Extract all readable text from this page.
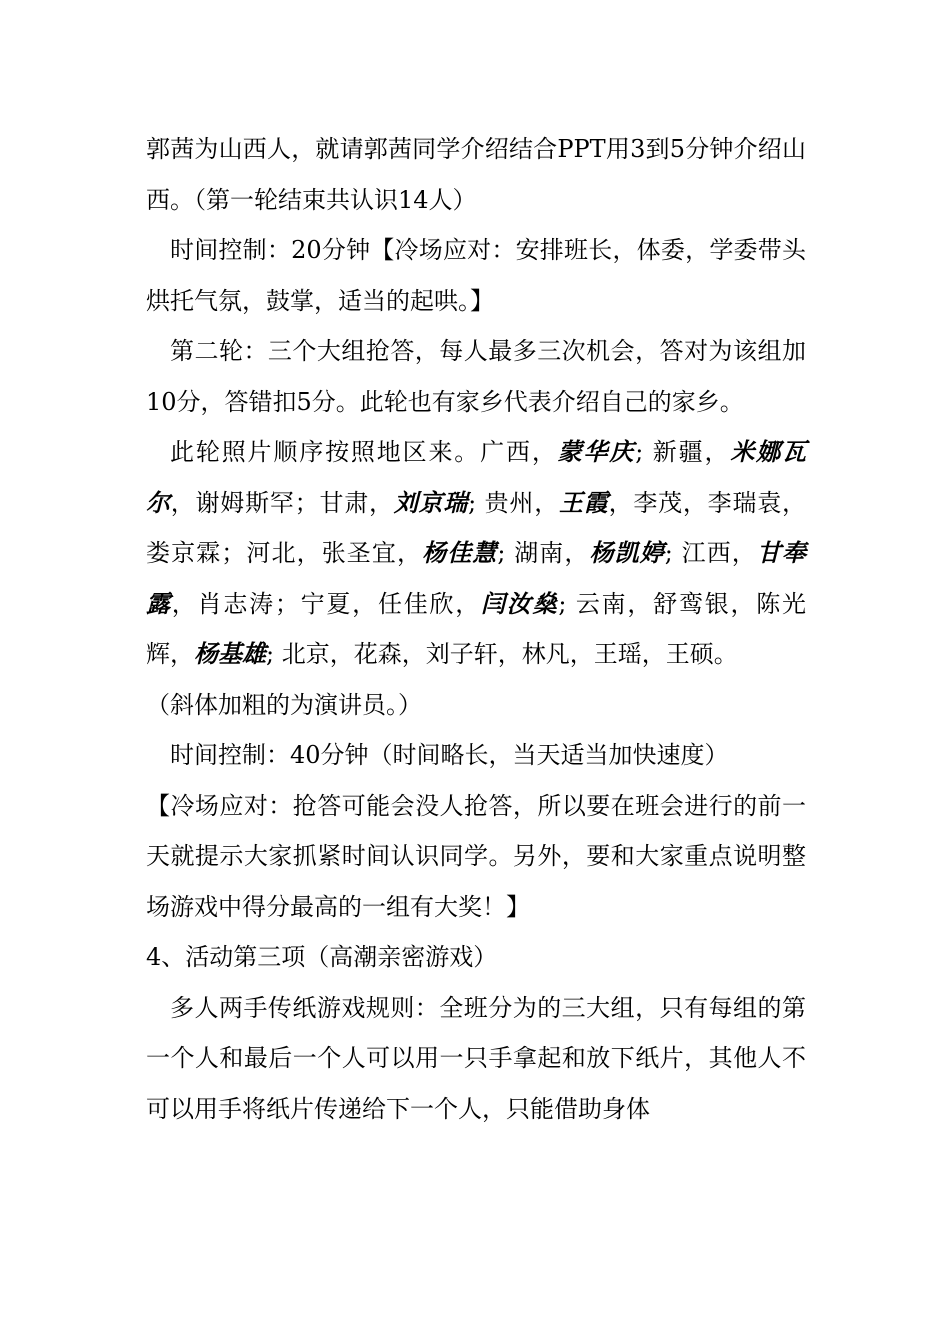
郭茜为山西人，就请郭茜同学介绍结合PPT用3到5分钟介绍山西。（第一轮结束共认识14人）

时间控制：20分钟【冷场应对：安排班长，体委，学委带头烘托气氛，鼓掌，适当的起哄。】

第二轮：三个大组抢答，每人最多三次机会，答对为该组加10分，答错扣5分。此轮也有家乡代表介绍自己的家乡。

此轮照片顺序按照地区来。广西，蒙华庆; 新疆，米娜瓦尔，谢姆斯罕；甘肃，刘京瑞; 贵州，王霞，李茂，李瑞袁，娄京霖；河北，张圣宜，杨佳慧; 湖南，杨凯婷; 江西，甘奉露，肖志涛；宁夏，任佳欣，闫汝燊; 云南，舒鸾银，陈光辉，杨基雄; 北京，花森，刘子轩，林凡，王瑶，王硕。

（斜体加粗的为演讲员。）

时间控制：40分钟（时间略长，当天适当加快速度）

【冷场应对：抢答可能会没人抢答，所以要在班会进行的前一天就提示大家抓紧时间认识同学。另外，要和大家重点说明整场游戏中得分最高的一组有大奖！】

4、活动第三项（高潮亲密游戏）

多人两手传纸游戏规则：全班分为的三大组，只有每组的第一个人和最后一个人可以用一只手拿起和放下纸片，其他人不可以用手将纸片传递给下一个人，只能借助身体
